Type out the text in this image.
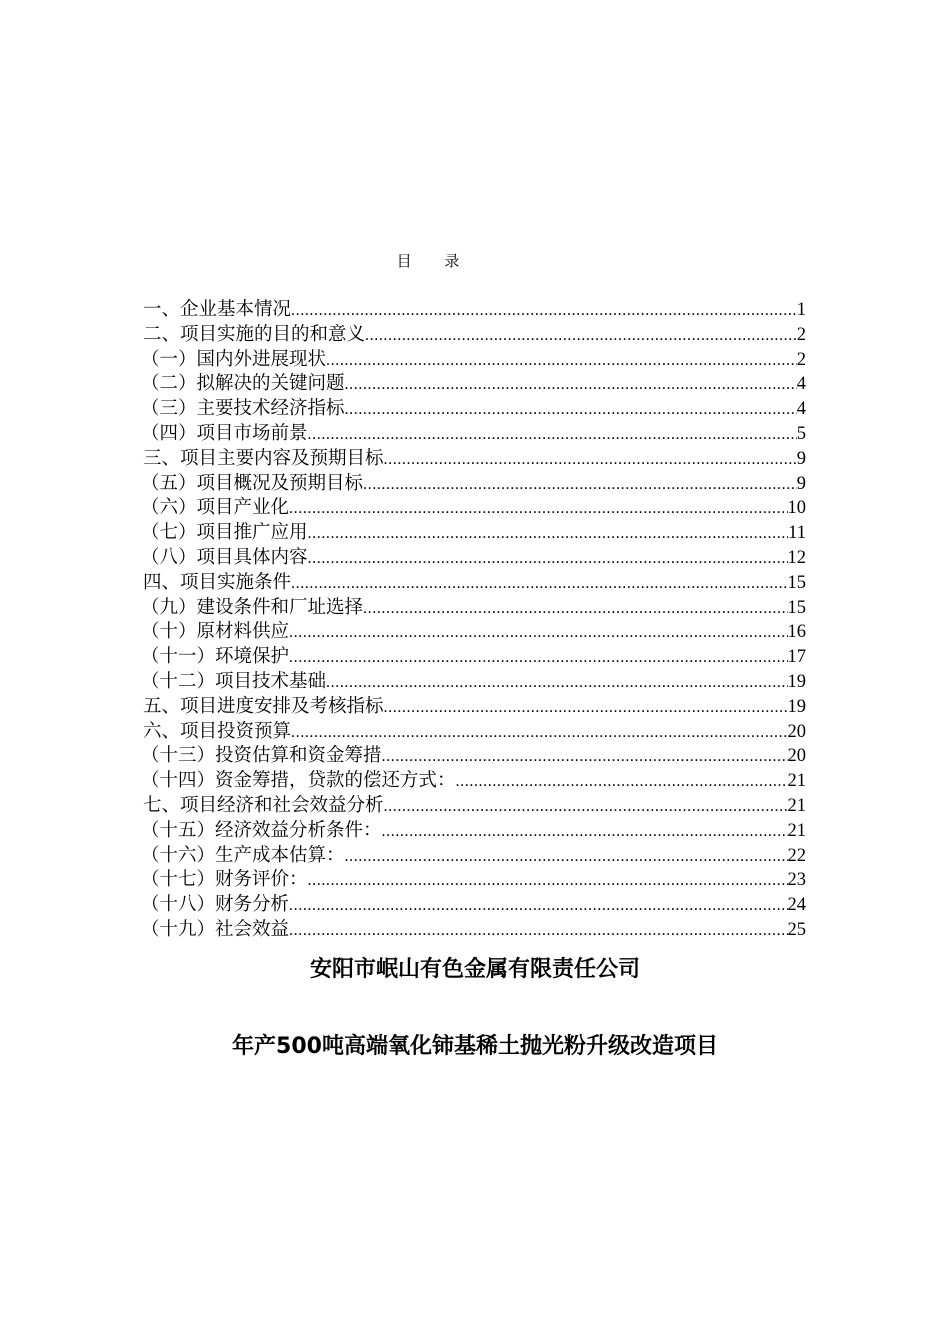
目 录
一、企业基本情况 .....	1
二、项目实施的目的和意义 .....	2
（一）国内外进展现状 .....	2
（二）拟解决的关键问题 .....	4
（三）主要技术经济指标 .....	4
（四）项目市场前景 .....	5
三、项目主要内容及预期目标 .....	9
（五）项目概况及预期目标 .....	9
（六）项目产业化 .....	10
（七）项目推广应用 .....	11
（八）项目具体内容 .....	12
四、项目实施条件 .....	15
（九）建设条件和厂址选择 .....	15
（十）原材料供应 .....	16
（十一）环境保护 .....	17
（十二）项目技术基础 .....	19
五、项目进度安排及考核指标 .....	19
六、项目投资预算 .....	20
（十三）投资估算和资金筹措 .....	20
（十四）资金筹措，贷款的偿还方式： .....	21
七、项目经济和社会效益分析 .....	21
（十五）经济效益分析条件： .....	21
（十六）生产成本估算： .....	22
（十七）财务评价： .....	23
（十八）财务分析 .....	24
（十九）社会效益 .....	25
安阳市岷山有色金属有限责任公司
年产500吨高端氧化铈基稀土抛光粉升级改造项目
